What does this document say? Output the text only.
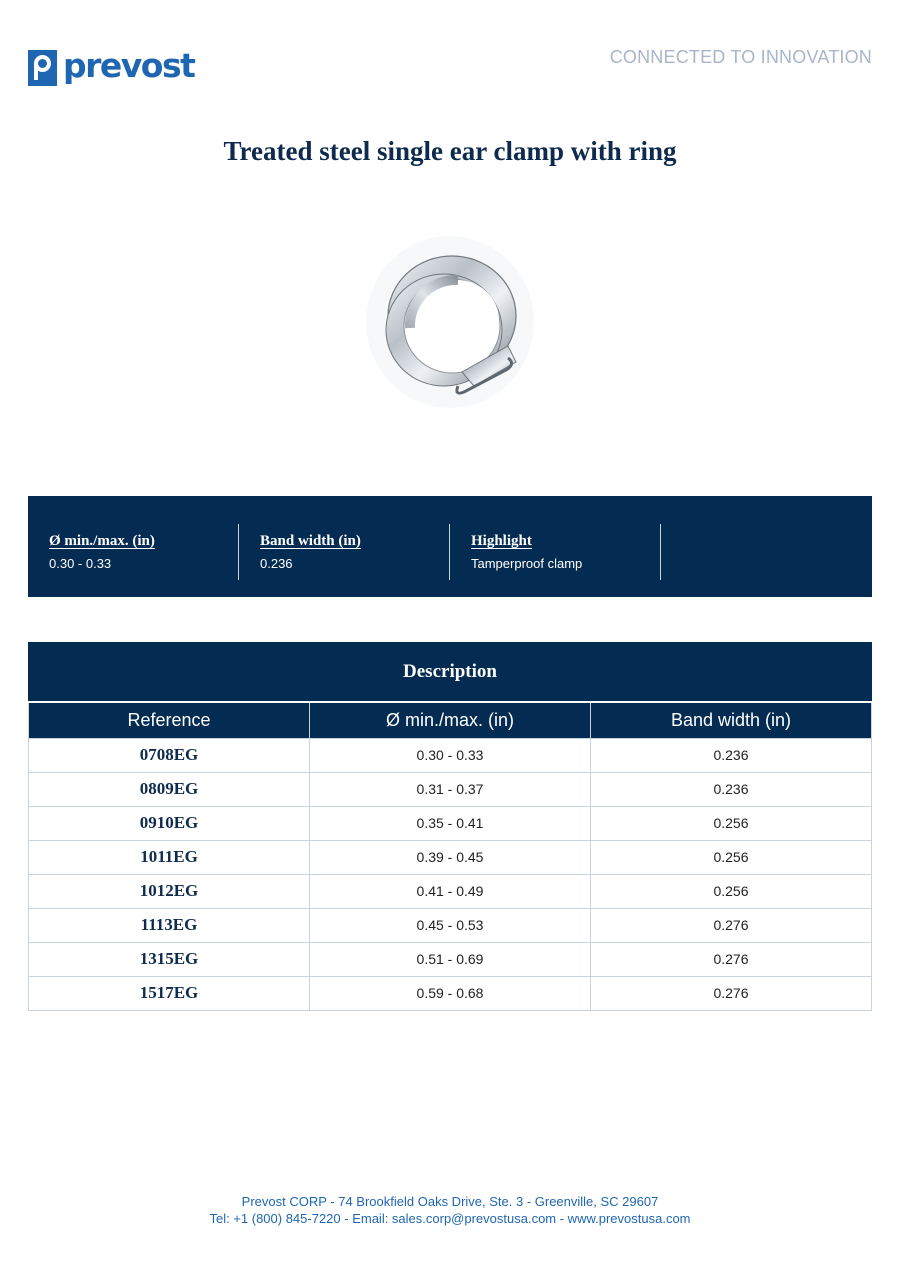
prevost	CONNECTED TO INNOVATION
Treated steel single ear clamp with ring
Ø min./max. (in)
0.30 - 0.33
Band width (in)
0.236
Highlight
Tamperproof clamp
Description
Reference	Ø min./max. (in)	Band width (in)
0708EG	0.30 - 0.33	0.236
0809EG	0.31 - 0.37	0.236
0910EG	0.35 - 0.41	0.256
1011EG	0.39 - 0.45	0.256
1012EG	0.41 - 0.49	0.256
1113EG	0.45 - 0.53	0.276
1315EG	0.51 - 0.69	0.276
1517EG	0.59 - 0.68	0.276
Prevost CORP - 74 Brookfield Oaks Drive, Ste. 3 - Greenville, SC 29607
Tel: +1 (800) 845-7220 - Email: sales.corp@prevostusa.com - www.prevostusa.com
